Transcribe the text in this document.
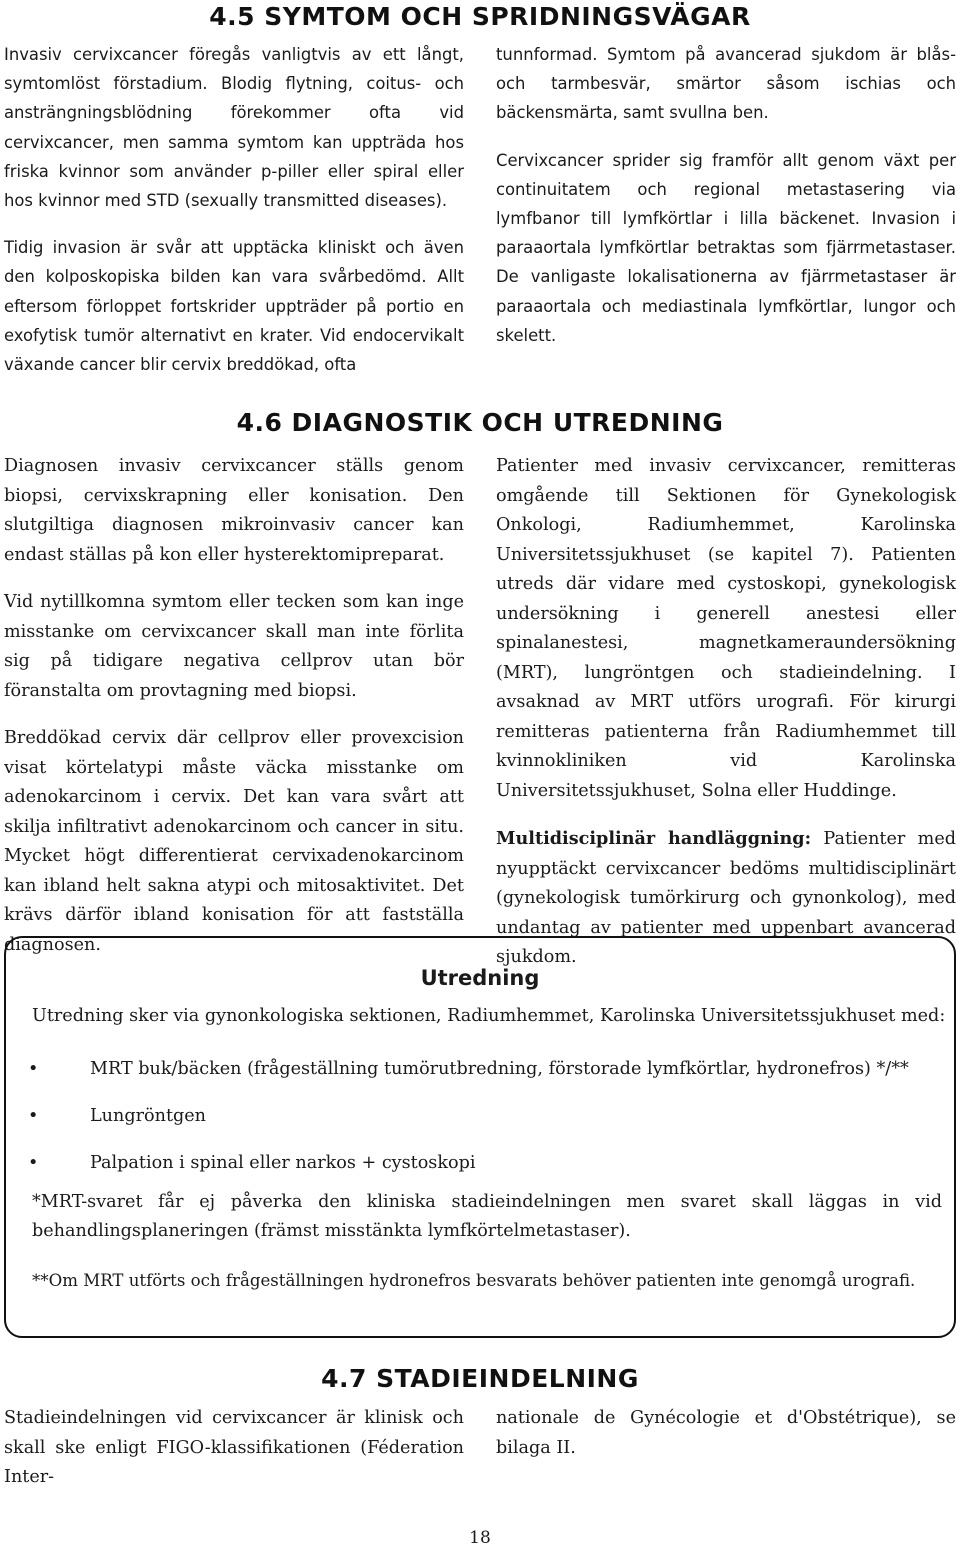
4.5 SYMTOM OCH SPRIDNINGSVÄGAR

Invasiv cervixcancer föregås vanligtvis av ett långt, symtomlöst förstadium. Blodig flytning, coitus- och ansträngningsblödning förekommer ofta vid cervixcancer, men samma symtom kan uppträda hos friska kvinnor som använder p-piller eller spiral eller hos kvinnor med STD (sexually transmitted diseases).

Tidig invasion är svår att upptäcka kliniskt och även den kolposkopiska bilden kan vara svårbedömd. Allt eftersom förloppet fortskrider uppträder på portio en exofytisk tumör alternativt en krater. Vid endocervikalt växande cancer blir cervix breddökad, ofta

tunnformad. Symtom på avancerad sjukdom är blås- och tarmbesvär, smärtor såsom ischias och bäckensmärta, samt svullna ben.

Cervixcancer sprider sig framför allt genom växt per continuitatem och regional metastasering via lymfbanor till lymfkörtlar i lilla bäckenet. Invasion i paraaortala lymfkörtlar betraktas som fjärrmetastaser. De vanligaste lokalisationerna av fjärrmetastaser är paraaortala och mediastinala lymfkörtlar, lungor och skelett.

4.6 DIAGNOSTIK OCH UTREDNING

Diagnosen invasiv cervixcancer ställs genom biopsi, cervixskrapning eller konisation. Den slutgiltiga diagnosen mikroinvasiv cancer kan endast ställas på kon eller hysterektomipreparat.

Vid nytillkomna symtom eller tecken som kan inge misstanke om cervixcancer skall man inte förlita sig på tidigare negativa cellprov utan bör föranstalta om provtagning med biopsi.

Breddökad cervix där cellprov eller provexcision visat körtelatypi måste väcka misstanke om adenokarcinom i cervix. Det kan vara svårt att skilja infiltrativt adenokarcinom och cancer in situ. Mycket högt differentierat cervixadenokarcinom kan ibland helt sakna atypi och mitosaktivitet. Det krävs därför ibland konisation för att fastställa diagnosen.

Patienter med invasiv cervixcancer, remitteras omgående till Sektionen för Gynekologisk Onkologi, Radiumhemmet, Karolinska Universitetssjukhuset (se kapitel 7). Patienten utreds där vidare med cystoskopi, gynekologisk undersökning i generell anestesi eller spinalanestesi, magnetkameraundersökning (MRT), lungröntgen och stadieindelning. I avsaknad av MRT utförs urografi. För kirurgi remitteras patienterna från Radiumhemmet till kvinnokliniken vid Karolinska Universitetssjukhuset, Solna eller Huddinge.

Multidisciplinär handläggning: Patienter med nyupptäckt cervixcancer bedöms multidisciplinärt (gynekologisk tumörkirurg och gynonkolog), med undantag av patienter med uppenbart avancerad sjukdom.

Utredning

Utredning sker via gynonkologiska sektionen, Radiumhemmet, Karolinska Universitetssjukhuset med:

•	MRT buk/bäcken (frågeställning tumörutbredning, förstorade lymfkörtlar, hydronefros) */**
•	Lungröntgen
•	Palpation i spinal eller narkos + cystoskopi

*MRT-svaret får ej påverka den kliniska stadieindelningen men svaret skall läggas in vid behandlingsplaneringen (främst misstänkta lymfkörtelmetastaser).

**Om MRT utförts och frågeställningen hydronefros besvarats behöver patienten inte genomgå urografi.

4.7 STADIEINDELNING

Stadieindelningen vid cervixcancer är klinisk och skall ske enligt FIGO-klassifikationen (Féderation Inter-

nationale de Gynécologie et d'Obstétrique), se bilaga II.

18
